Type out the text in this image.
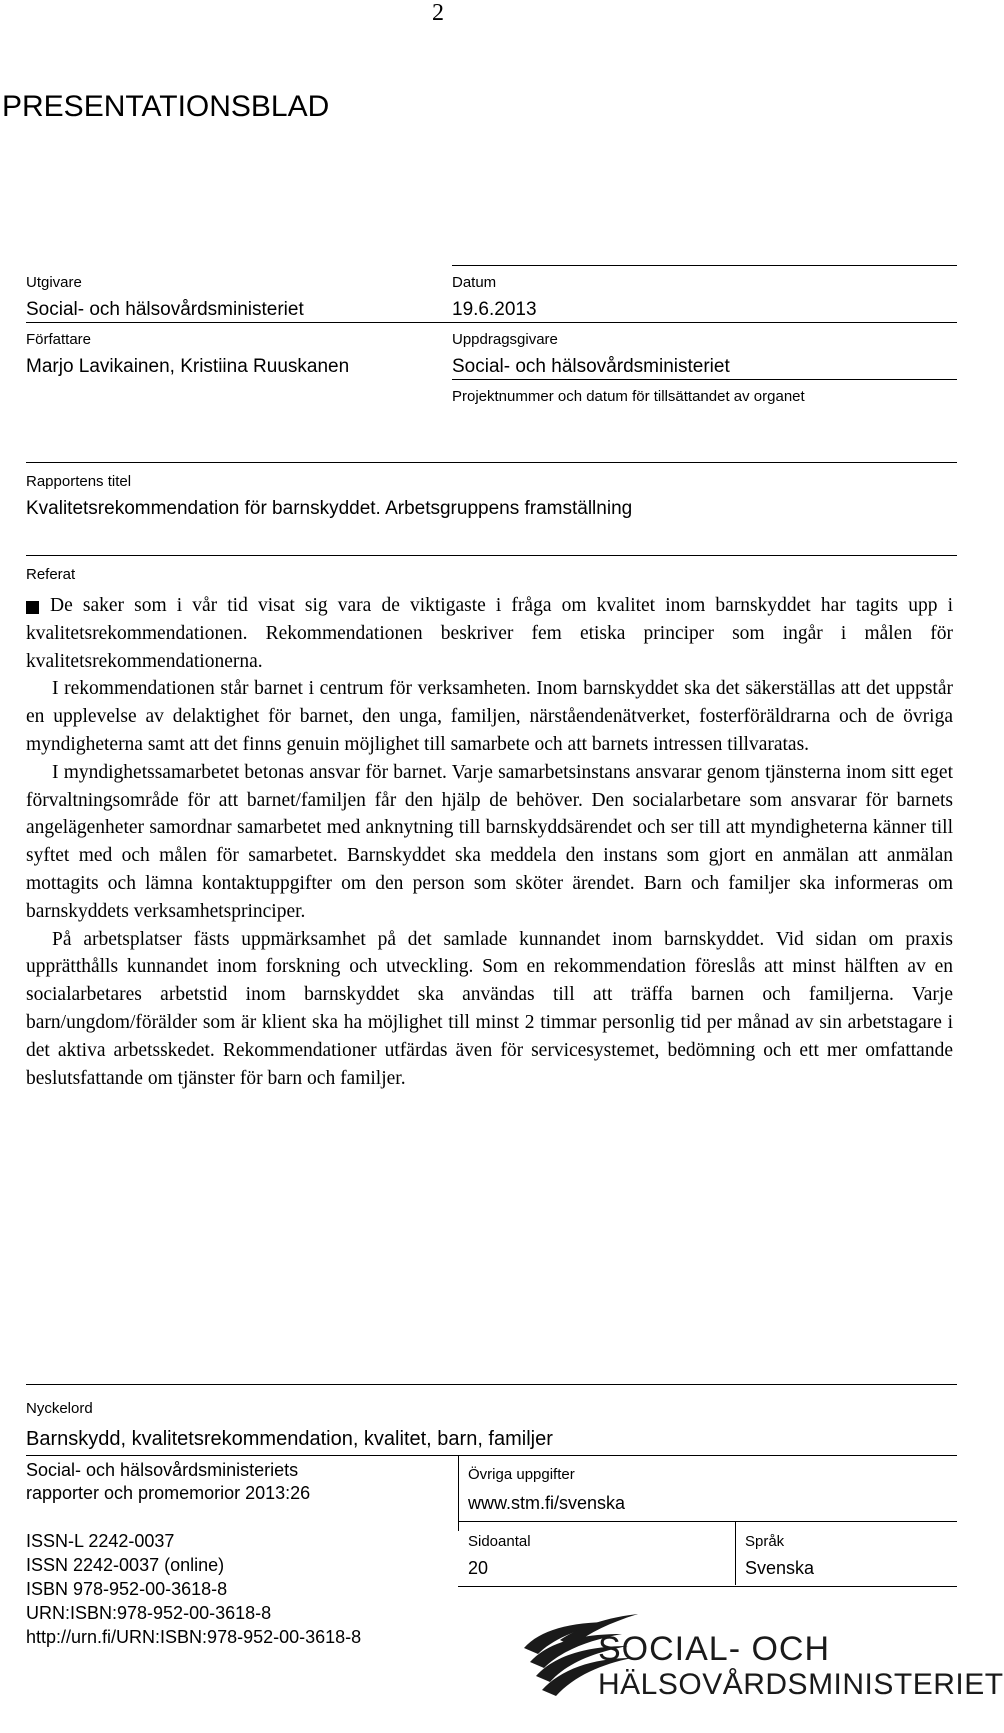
2
PRESENTATIONSBLAD
Utgivare	Datum
Social- och hälsovårdsministeriet	19.6.2013
Författare	Uppdragsgivare
Marjo Lavikainen, Kristiina Ruuskanen	Social- och hälsovårdsministeriet
Projektnummer och datum för tillsättandet av organet
Rapportens titel
Kvalitetsrekommendation för barnskyddet. Arbetsgruppens framställning
Referat

De saker som i vår tid visat sig vara de viktigaste i fråga om kvalitet inom barnskyddet har tagits upp i kvalitetsrekommendationen. Rekommendationen beskriver fem etiska principer som ingår i målen för kvalitetsrekommendationerna.

I rekommendationen står barnet i centrum för verksamheten. Inom barnskyddet ska det säkerställas att det uppstår en upplevelse av delaktighet för barnet, den unga, familjen, närståendenätverket, fosterföräldrarna och de övriga myndigheterna samt att det finns genuin möjlighet till samarbete och att barnets intressen tillvaratas.

I myndighetssamarbetet betonas ansvar för barnet. Varje samarbetsinstans ansvarar genom tjänsterna inom sitt eget förvaltningsområde för att barnet/familjen får den hjälp de behöver. Den socialarbetare som ansvarar för barnets angelägenheter samordnar samarbetet med anknytning till barnskyddsärendet och ser till att myndigheterna känner till syftet med och målen för samarbetet. Barnskyddet ska meddela den instans som gjort en anmälan att anmälan mottagits och lämna kontaktuppgifter om den person som sköter ärendet. Barn och familjer ska informeras om barnskyddets verksamhetsprinciper.

På arbetsplatser fästs uppmärksamhet på det samlade kunnandet inom barnskyddet. Vid sidan om praxis upprätthålls kunnandet inom forskning och utveckling. Som en rekommendation föreslås att minst hälften av en socialarbetares arbetstid inom barnskyddet ska användas till att träffa barnen och familjerna. Varje barn/ungdom/förälder som är klient ska ha möjlighet till minst 2 timmar personlig tid per månad av sin arbetstagare i det aktiva arbetsskedet. Rekommendationer utfärdas även för servicesystemet, bedömning och ett mer omfattande beslutsfattande om tjänster för barn och familjer.

Nyckelord
Barnskydd, kvalitetsrekommendation, kvalitet, barn, familjer
Social- och hälsovårdsministeriets
rapporter och promemorior 2013:26
Övriga uppgifter
www.stm.fi/svenska
ISSN-L 2242-0037
ISSN 2242-0037 (online)
ISBN 978-952-00-3618-8
URN:ISBN:978-952-00-3618-8
http://urn.fi/URN:ISBN:978-952-00-3618-8
Sidoantal
20
Språk
Svenska
SOCIAL- OCH
HÄLSOVÅRDSMINISTERIET
